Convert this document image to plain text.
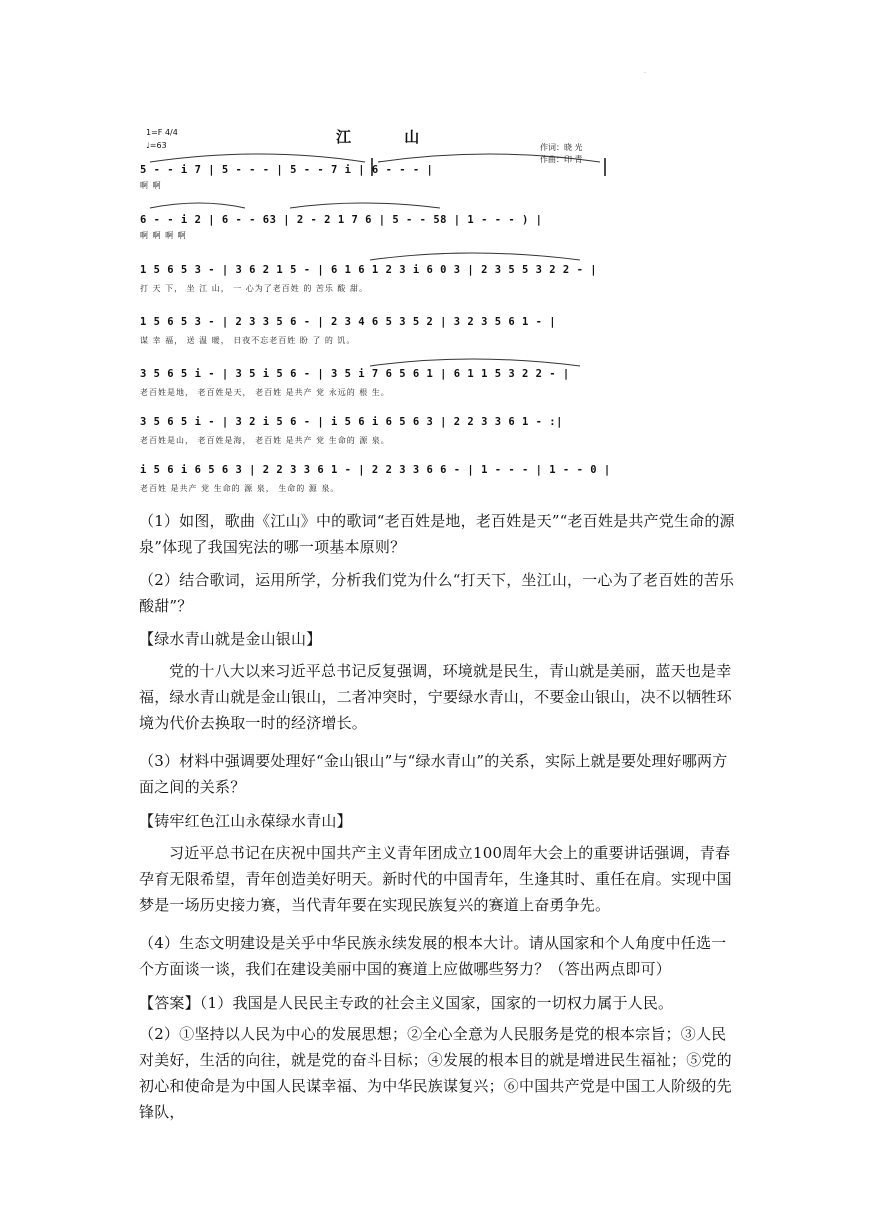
·
1=F 4/4
♩=63	江 山
作词：晓 光
作曲：印 青
5 - - i 7 | 5 - - - | 5 - - 7 i | 6 - - - |
啊 啊
6 - - i 2 | 6 - - 63 | 2 - 2 1 7 6 | 5 - - 58 | 1 - - - ) |
啊 啊 啊 啊
1 5 6 5 3 - | 3 6 2 1 5 - | 6 1 6 1 2 3 i 6 0 3 | 2 3 5 5 3 2 2 - |
打 天 下， 坐 江 山， 一 心为了老百姓 的 苦乐 酸 甜。
1 5 6 5 3 - | 2 3 3 5 6 - | 2 3 4 6 5 3 5 2 | 3 2 3 5 6 1 - |
谋 幸 福， 送 温 暖， 日夜不忘老百姓 盼 了 的 饥。
3 5 6 5 i - | 3 5 i 5 6 - | 3 5 i 7 6 5 6 1 | 6 1 1 5 3 2 2 - |
老百姓是地， 老百姓是天， 老百姓 是共产 党 永远的 根 生。
3 5 6 5 i - | 3 2 i 5 6 - | i 5 6 i 6 5 6 3 | 2 2 3 3 6 1 - :|
老百姓是山， 老百姓是海， 老百姓 是共产 党 生命的 源 泉。
i 5 6 i 6 5 6 3 | 2 2 3 3 6 1 - | 2 2 3 3 6 6 - | 1 - - - | 1 - - 0 |
老百姓 是共产 党 生命的 源 泉， 生命的 源 泉。
（1）如图，歌曲《江山》中的歌词“老百姓是地，老百姓是天”“老百姓是共产党生命的源泉”体现了我国宪法的哪一项基本原则？
（2）结合歌词，运用所学，分析我们党为什么“打天下，坐江山，一心为了老百姓的苦乐酸甜”？
【绿水青山就是金山银山】
党的十八大以来习近平总书记反复强调，环境就是民生，青山就是美丽，蓝天也是幸福，绿水青山就是金山银山，二者冲突时，宁要绿水青山，不要金山银山，决不以牺牲环境为代价去换取一时的经济增长。
（3）材料中强调要处理好“金山银山”与“绿水青山”的关系，实际上就是要处理好哪两方面之间的关系？
【铸牢红色江山永葆绿水青山】
习近平总书记在庆祝中国共产主义青年团成立100周年大会上的重要讲话强调，青春孕育无限希望，青年创造美好明天。新时代的中国青年，生逢其时、重任在肩。实现中国梦是一场历史接力赛，当代青年要在实现民族复兴的赛道上奋勇争先。
（4）生态文明建设是关乎中华民族永续发展的根本大计。请从国家和个人角度中任选一个方面谈一谈，我们在建设美丽中国的赛道上应做哪些努力？（答出两点即可）
【答案】（1）我国是人民民主专政的社会主义国家，国家的一切权力属于人民。
（2）①坚持以人民为中心的发展思想；②全心全意为人民服务是党的根本宗旨；③人民对美好，生活的向往，就是党的奋斗目标；④发展的根本目的就是增进民生福祉；⑤党的初心和使命是为中国人民谋幸福、为中华民族谋复兴；⑥中国共产党是中国工人阶级的先锋队，
